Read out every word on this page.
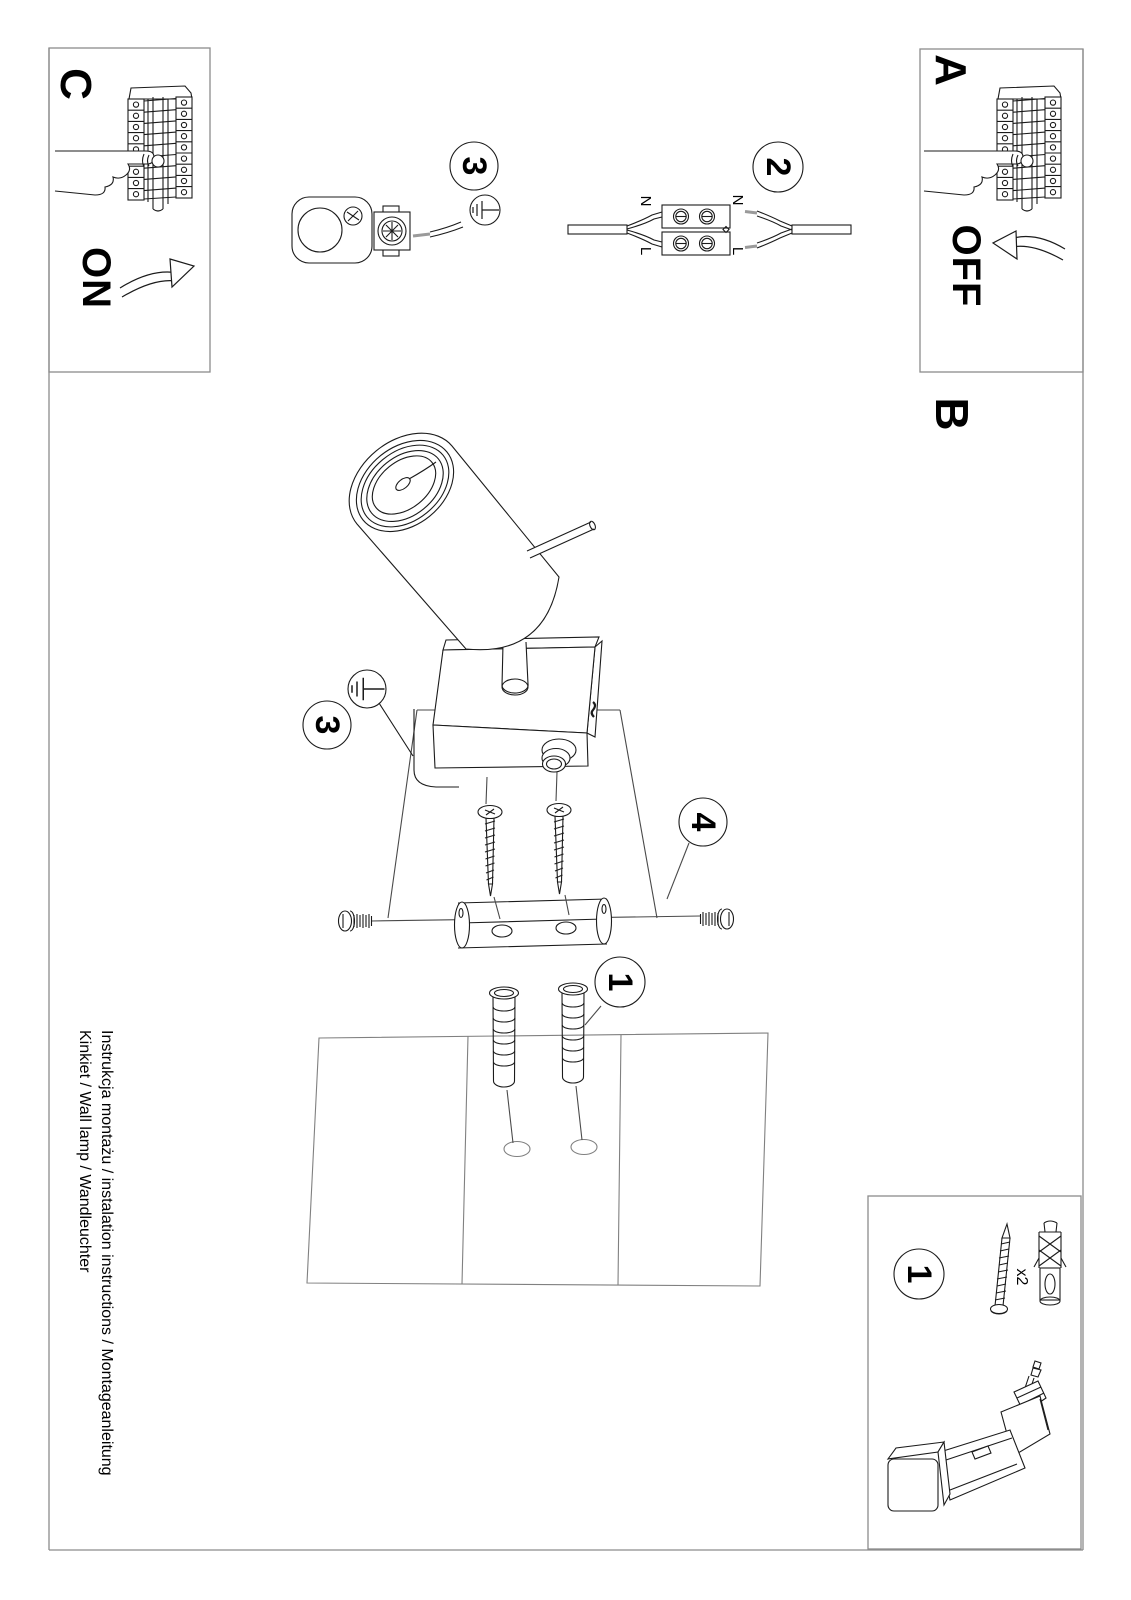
C
ON
A
OFF
B
3	2
3
4
1
1
N	N
L	L
x2
Instrukcja montażu / instalation instructions / Montageanleitung
Kinkiet / Wall lamp / Wandleuchter
